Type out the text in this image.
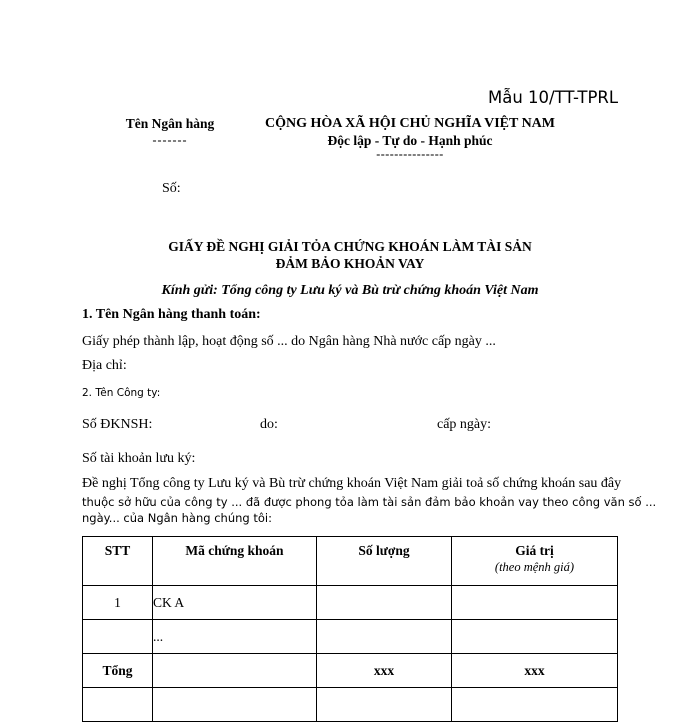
Mẫu 10/TT-TPRL
Tên Ngân hàng
-------
CỘNG HÒA XÃ HỘI CHỦ NGHĨA VIỆT NAM
Độc lập - Tự do - Hạnh phúc
---------------
Số:
GIẤY ĐỀ NGHỊ GIẢI TỎA CHỨNG KHOÁN LÀM TÀI SẢN
ĐẢM BẢO KHOẢN VAY
Kính gửi: Tổng công ty Lưu ký và Bù trừ chứng khoán Việt Nam
1. Tên Ngân hàng thanh toán:
Giấy phép thành lập, hoạt động số ... do Ngân hàng Nhà nước cấp ngày ...
Địa chỉ:
2. Tên Công ty:
Số ĐKNSH:	do:	cấp ngày:
Số tài khoản lưu ký:
Đề nghị Tổng công ty Lưu ký và Bù trừ chứng khoán Việt Nam giải toả số chứng khoán sau đây
thuộc sở hữu của công ty ... đã được phong tỏa làm tài sản đảm bảo khoản vay theo công văn số ...
ngày... của Ngân hàng chúng tôi:
STT	Mã chứng khoán	Số lượng	Giá trị
(theo mệnh giá)

1	CK A		
	...		
Tổng		xxx	xxx
